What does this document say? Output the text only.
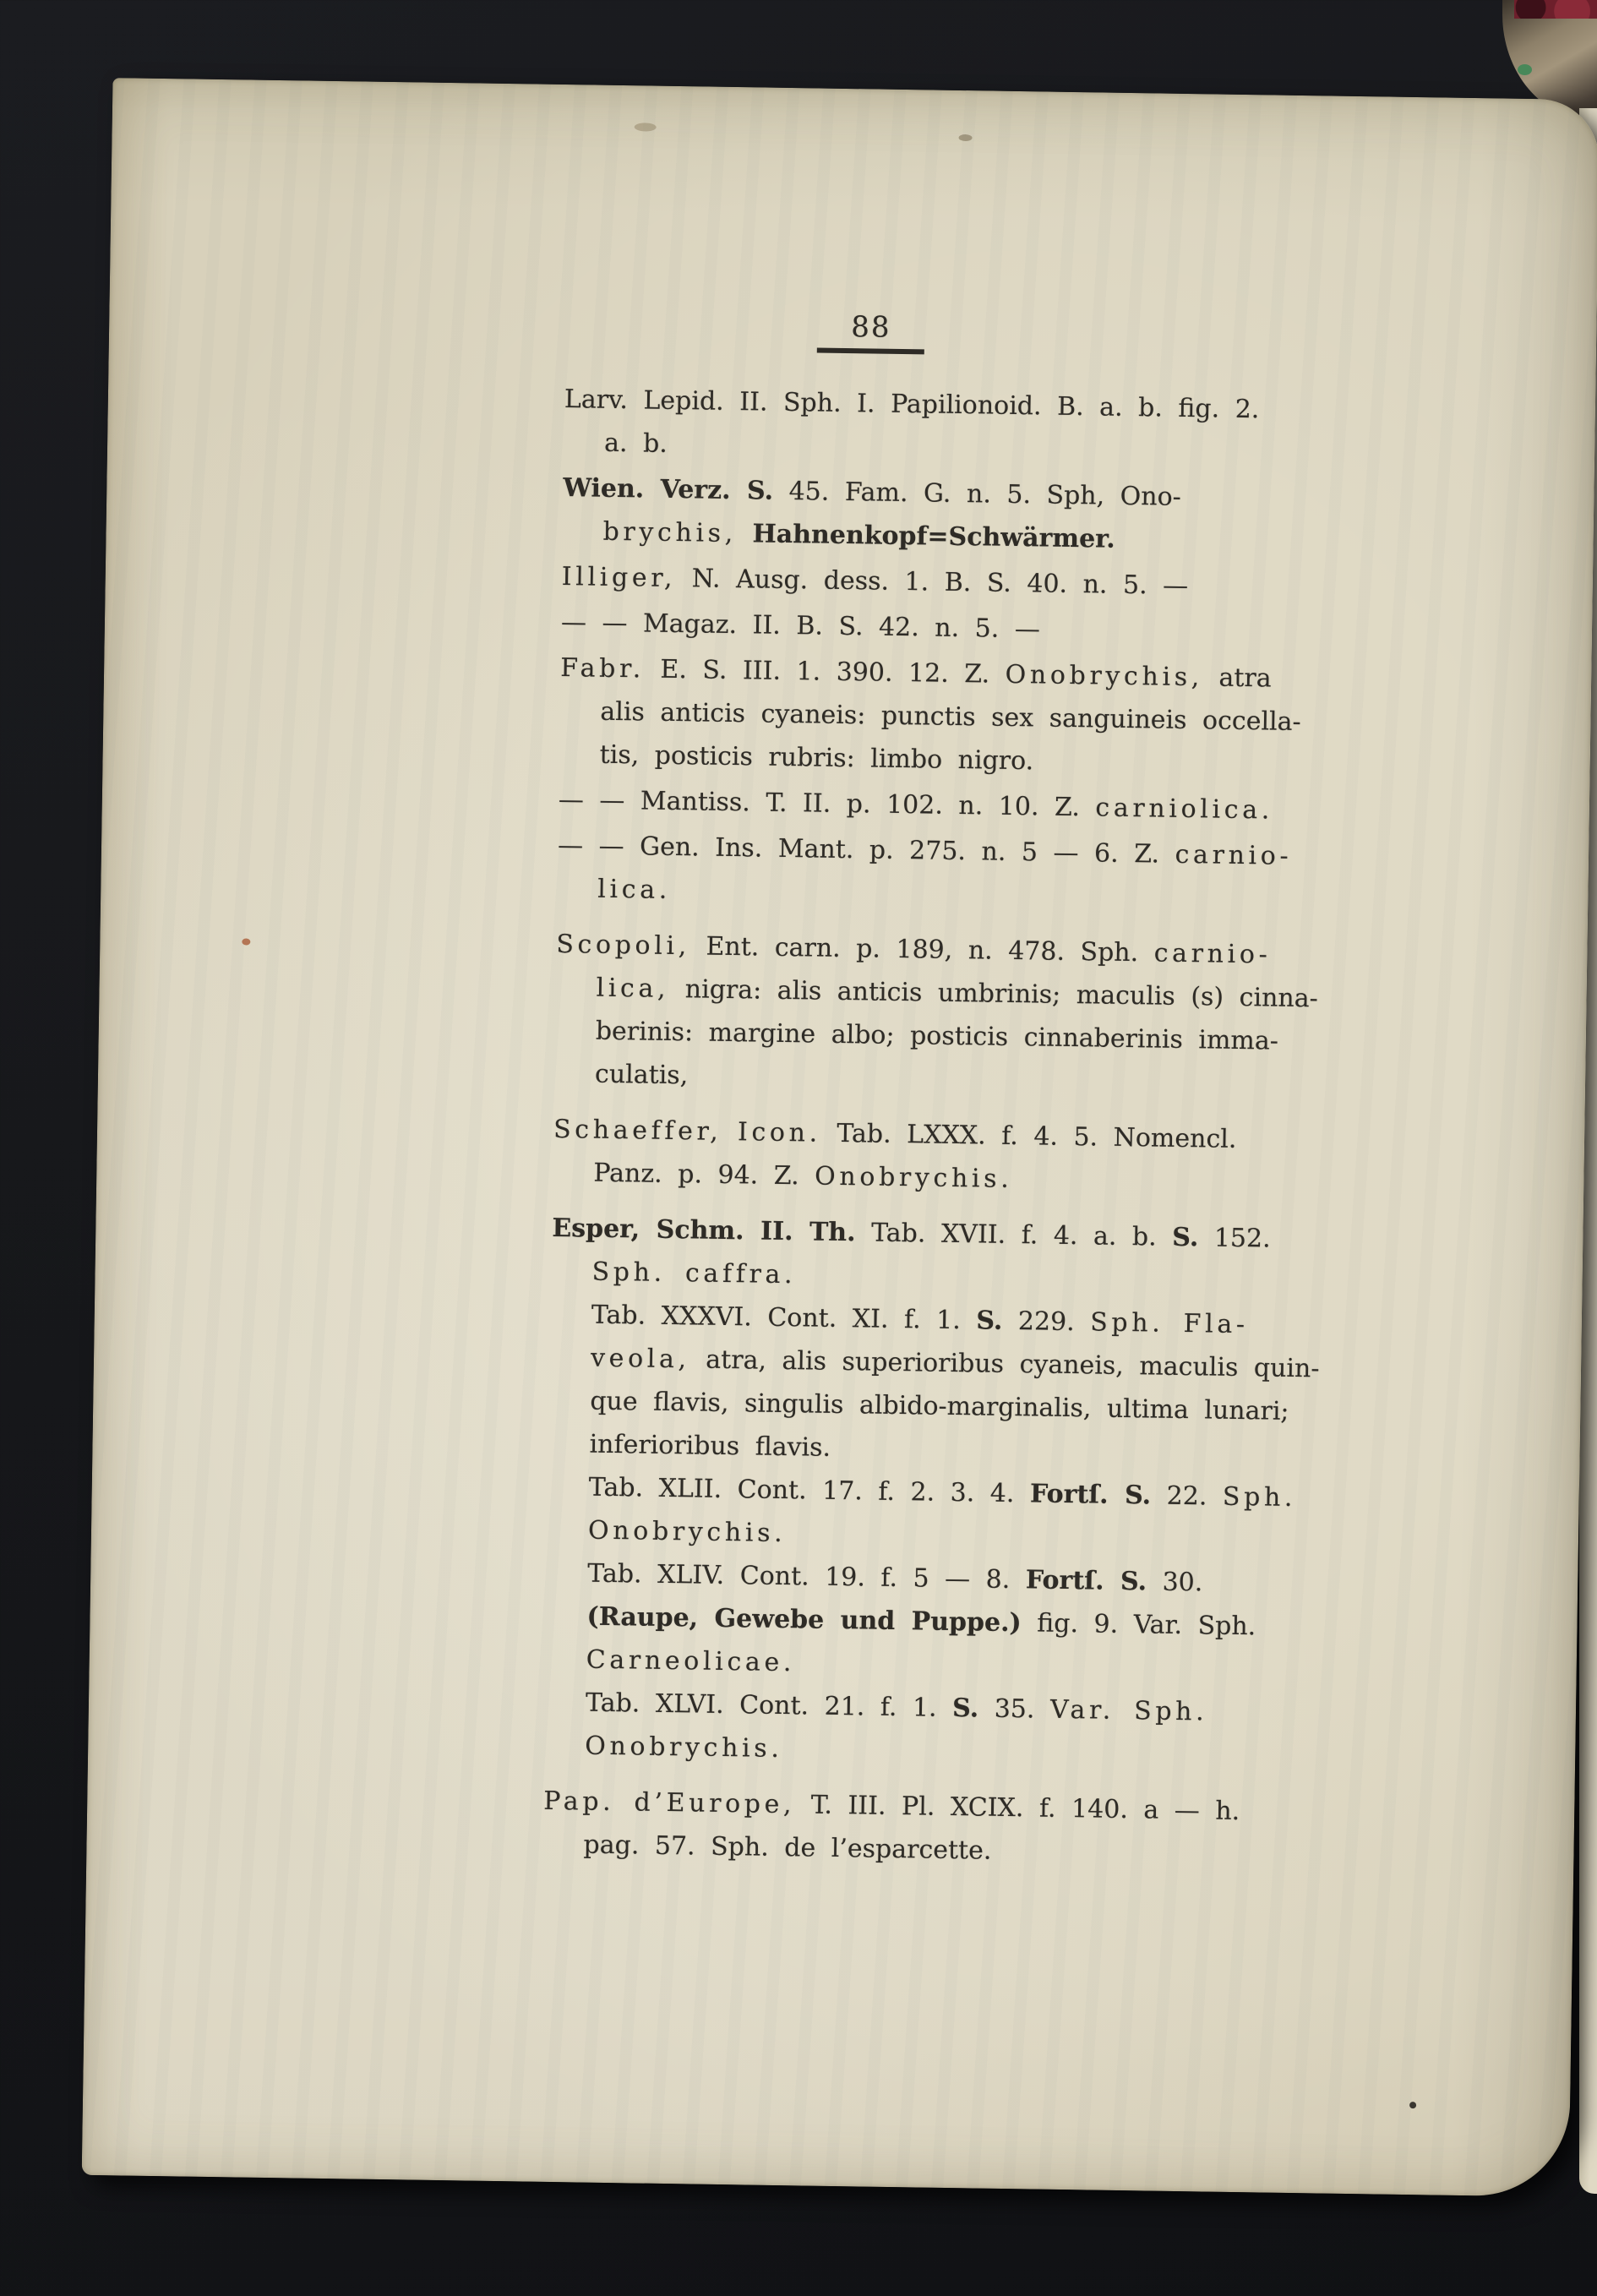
88
Larv. Lepid. II. Sph. I. Papilionoid. B. a. b. fig. 2.
a. b.
Wien. Verz. S. 45. Fam. G. n. 5. Sph, Ono-
brychis, Hahnenkopf=Schwärmer.
Illiger, N. Ausg. dess. 1. B. S. 40. n. 5. —
— — Magaz. II. B. S. 42. n. 5. —
Fabr. E. S. III. 1. 390. 12. Z. Onobrychis, atra
alis anticis cyaneis: punctis sex sanguineis occella-
tis, posticis rubris: limbo nigro.
— — Mantiss. T. II. p. 102. n. 10. Z. carniolica.
— — Gen. Ins. Mant. p. 275. n. 5 — 6. Z. carnio-
lica.
Scopoli, Ent. carn. p. 189, n. 478. Sph. carnio-
lica, nigra: alis anticis umbrinis; maculis (s) cinna-
berinis: margine albo; posticis cinnaberinis imma-
culatis,
Schaeffer, Icon. Tab. LXXX. f. 4. 5. Nomencl.
Panz. p. 94. Z. Onobrychis.
Esper, Schm. II. Th. Tab. XVII. f. 4. a. b. S. 152.
Sph. caffra.
Tab. XXXVI. Cont. XI. f. 1. S. 229. Sph. Fla-
veola, atra, alis superioribus cyaneis, maculis quin-
que flavis, singulis albido-marginalis, ultima lunari;
inferioribus flavis.
Tab. XLII. Cont. 17. f. 2. 3. 4. Fortſ. S. 22. Sph.
Onobrychis.
Tab. XLIV. Cont. 19. f. 5 — 8. Fortſ. S. 30.
(Raupe, Gewebe und Puppe.) fig. 9. Var. Sph.
Carneolicae.
Tab. XLVI. Cont. 21. f. 1. S. 35. Var. Sph.
Onobrychis.
Pap. d’Europe, T. III. Pl. XCIX. f. 140. a — h.
pag. 57. Sph. de l’esparcette.
